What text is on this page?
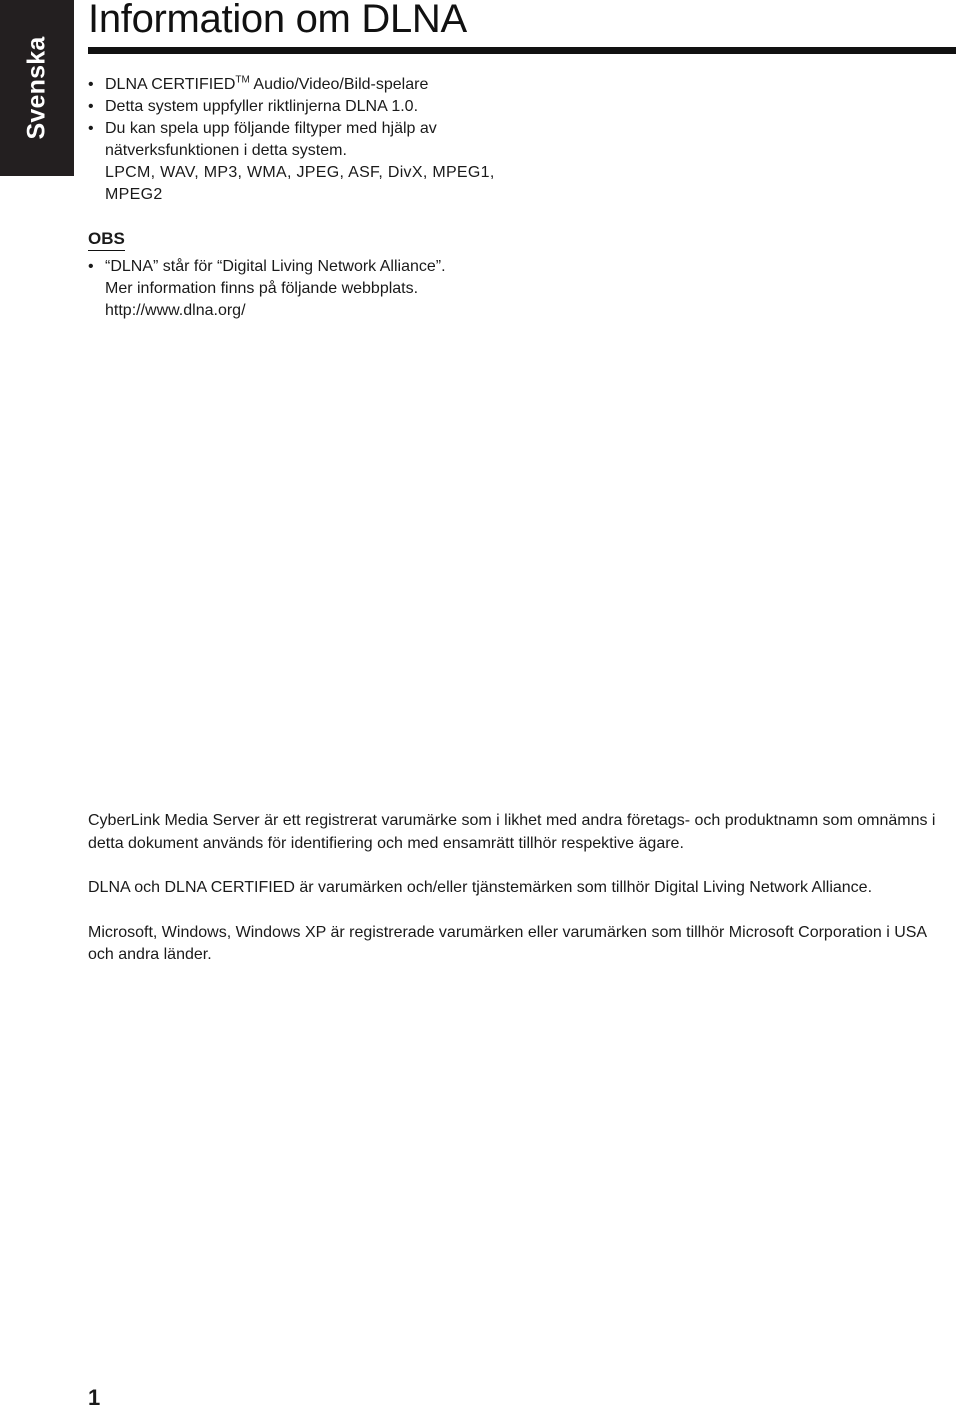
Svenska
Information om DLNA
• DLNA CERTIFIED™ Audio/Video/Bild-spelare
• Detta system uppfyller riktlinjerna DLNA 1.0.
• Du kan spela upp följande filtyper med hjälp av nätverksfunktionen i detta system.
LPCM, WAV, MP3, WMA, JPEG, ASF, DivX, MPEG1, MPEG2
OBS
• “DLNA” står för “Digital Living Network Alliance”.
Mer information finns på följande webbplats.
http://www.dlna.org/

CyberLink Media Server är ett registrerat varumärke som i likhet med andra företags- och produktnamn som omnämns i detta dokument används för identifiering och med ensamrätt tillhör respektive ägare.

DLNA och DLNA CERTIFIED är varumärken och/eller tjänstemärken som tillhör Digital Living Network Alliance.

Microsoft, Windows, Windows XP är registrerade varumärken eller varumärken som tillhör Microsoft Corporation i USA och andra länder.

1
